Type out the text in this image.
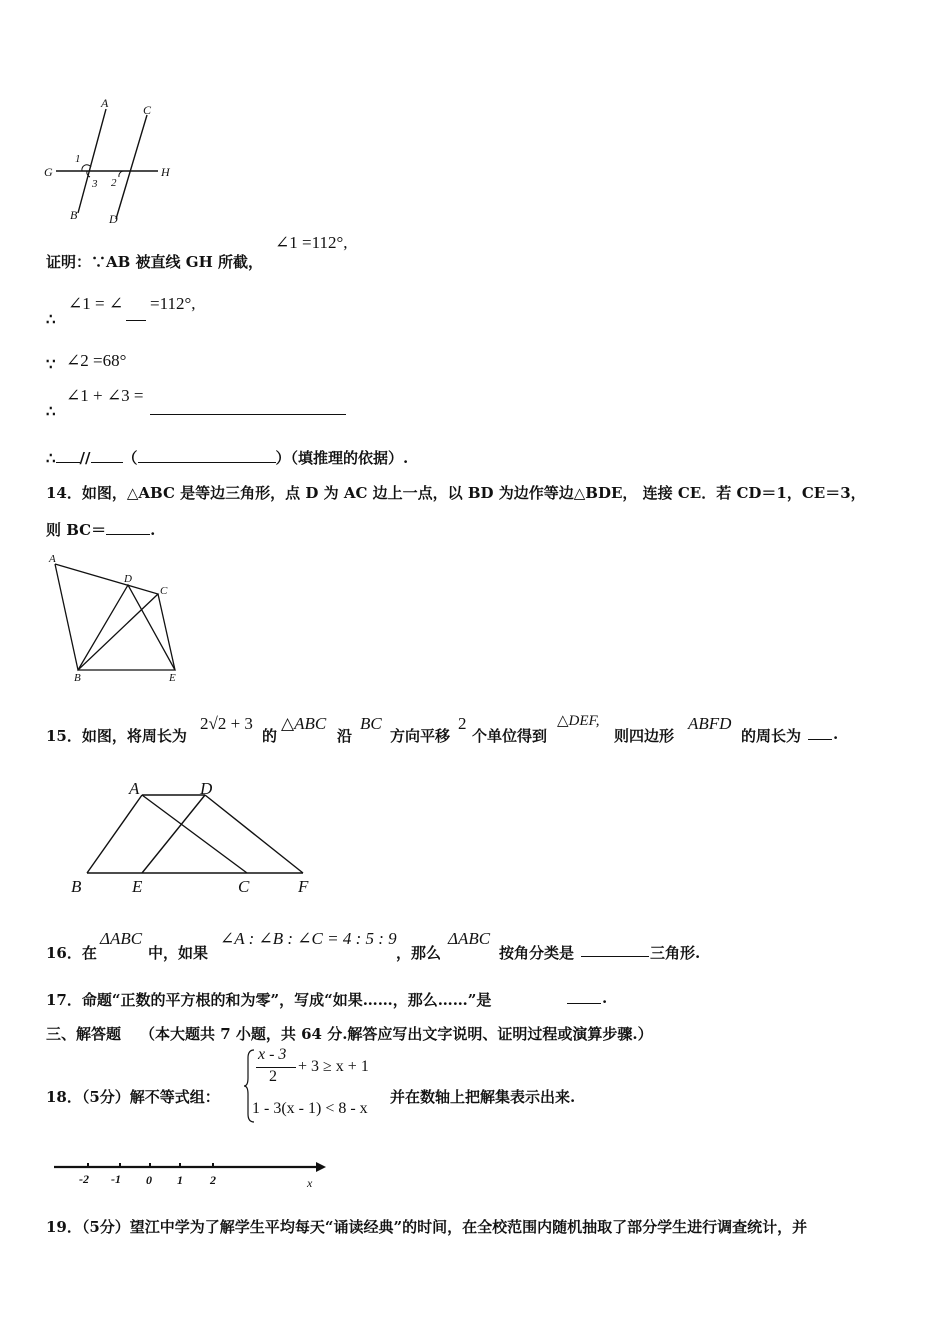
A	C
G	H
B	D
1
2
3
证明：∵AB 被直线 GH 所截，
∠1 =112°,
∴
∠1 = ∠ =112°,
∵ ∠2 =68°
∴
∠1 + ∠3 =
∴ // （	）（填推理的依据）.
14．如图，△ABC 是等边三角形，点 D 为 AC 边上一点，以 BD 为边作等边△BDE， 连接 CE．若 CD＝1，CE＝3，
则 BC＝	.
A
D
C
B	E
15．如图，将周长为
2√2 + 3
的
△ABC
沿
BC
方向平移
2
个单位得到
△DEF,
则四边形
ABFD
的周长为 .
A	D
B	E	C	F
16．在
ΔABC
中，如果
∠A : ∠B : ∠C = 4 : 5 : 9
，那么
ΔABC
按角分类是	三角形.
17．命题“正数的平方根的和为零”，写成“如果……，那么……”是	.
三、解答题 （本大题共 7 小题，共 64 分.解答应写出文字说明、证明过程或演算步骤.）
18．（5分）解不等式组：
x - 3
2
+ 3 ≥ x + 1
1 - 3(x - 1) < 8 - x
并在数轴上把解集表示出来.
-2 -1 0 1 2	x
19．（5分）望江中学为了解学生平均每天“诵读经典”的时间，在全校范围内随机抽取了部分学生进行调查统计，并
